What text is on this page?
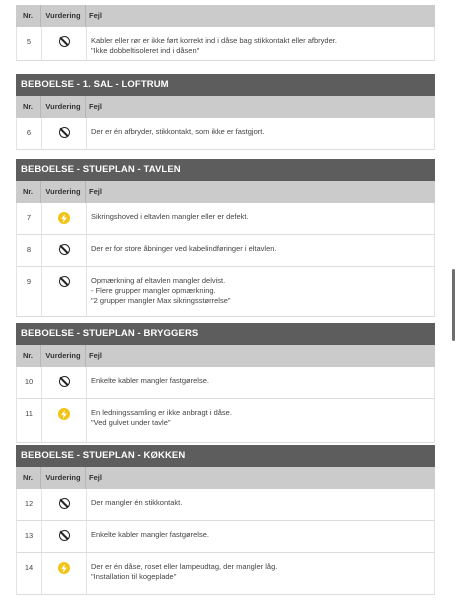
Nr.	Vurdering	Fejl
5	Kabler eller rør er ikke ført korrekt ind i dåse bag stikkontakt eller afbryder.
"Ikke dobbeltisoleret ind i dåsen"
BEBOELSE - 1. SAL - LOFTRUM
Nr.	Vurdering	Fejl
6	Der er én afbryder, stikkontakt, som ikke er fastgjort.
BEBOELSE - STUEPLAN - TAVLEN
Nr.	Vurdering	Fejl
7	Sikringshoved i eltavlen mangler eller er defekt.
8	Der er for store åbninger ved kabelindføringer i eltavlen.
9	Opmærkning af eltavlen mangler delvist.
- Flere grupper mangler opmærkning.
"2 grupper mangler Max sikringsstørrelse"
BEBOELSE - STUEPLAN - BRYGGERS
Nr.	Vurdering	Fejl
10	Enkelte kabler mangler fastgørelse.
11	En ledningssamling er ikke anbragt i dåse.
"Ved gulvet under tavle"
BEBOELSE - STUEPLAN - KØKKEN
Nr.	Vurdering	Fejl
12	Der mangler én stikkontakt.
13	Enkelte kabler mangler fastgørelse.
14	Der er én dåse, roset eller lampeudtag, der mangler låg.
"Installation til kogeplade"
